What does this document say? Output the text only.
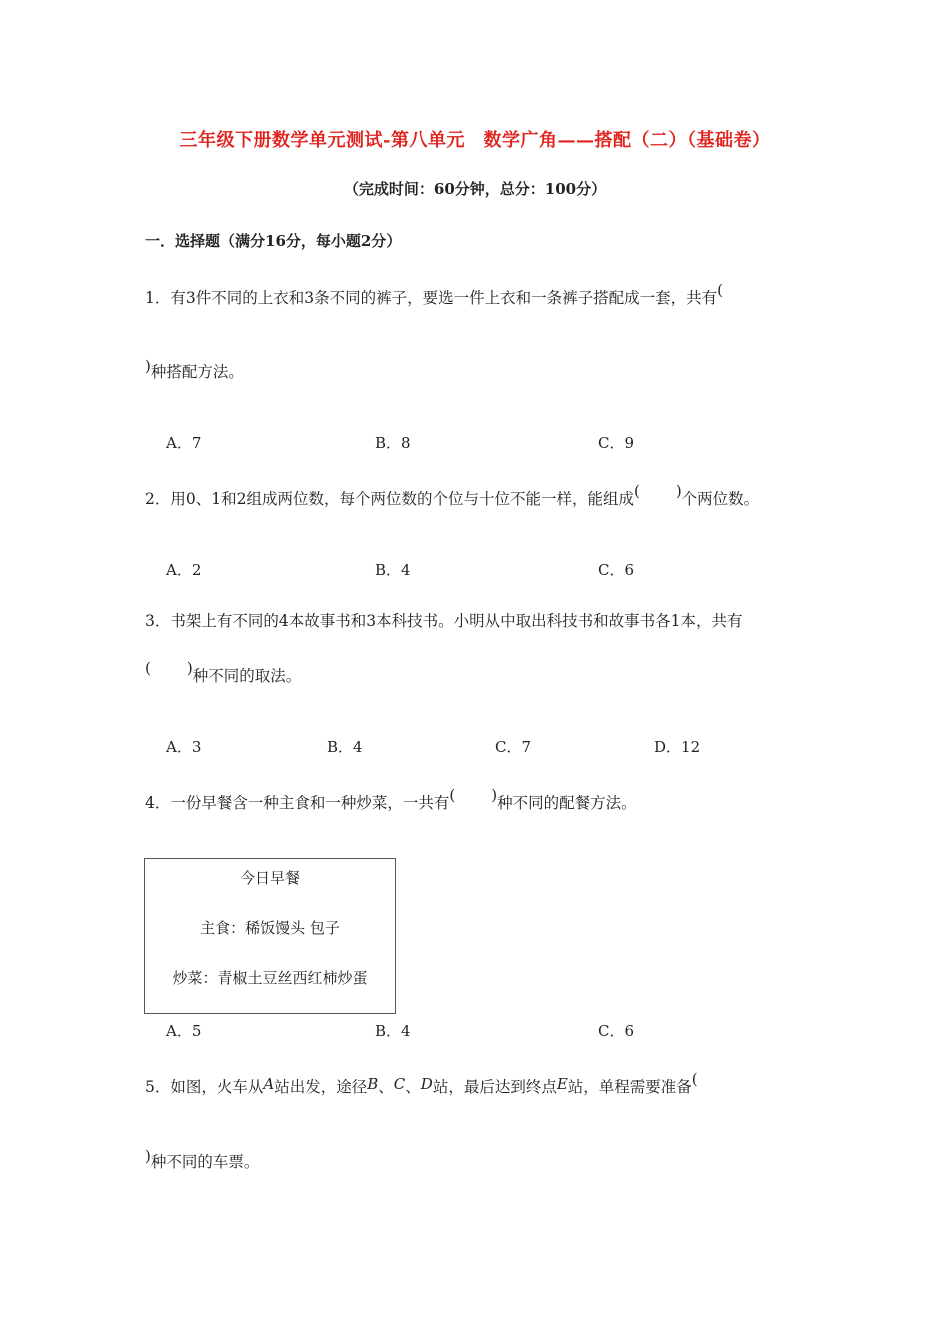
三年级下册数学单元测试-第八单元　数学广角——搭配（二）（基础卷）
（完成时间：60分钟，总分：100分）
一．选择题（满分16分，每小题2分）
1．有3件不同的上衣和3条不同的裤子，要选一件上衣和一条裤子搭配成一套，共有(
)种搭配方法。
A．7	B．8	C．9
2．用0、1和2组成两位数，每个两位数的个位与十位不能一样，能组成( )个两位数。
A．2	B．4	C．6
3．书架上有不同的4本故事书和3本科技书。小明从中取出科技书和故事书各1本，共有
( )种不同的取法。
A．3	B．4	C．7	D．12
4．一份早餐含一种主食和一种炒菜，一共有( )种不同的配餐方法。
今日早餐
主食：稀饭馒头 包子
炒菜：青椒土豆丝西红柿炒蛋
A．5	B．4	C．6
5．如图，火车从A站出发，途径B、C、D站，最后达到终点E站，单程需要准备(
)种不同的车票。
